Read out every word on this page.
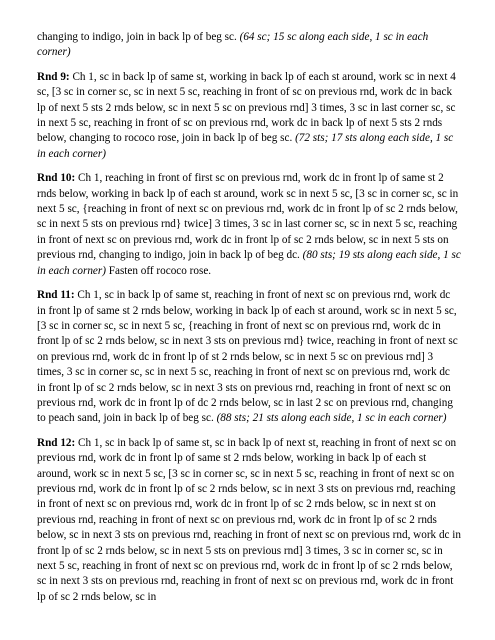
changing to indigo, join in back lp of beg sc. (64 sc; 15 sc along each side, 1 sc in each corner)

Rnd 9: Ch 1, sc in back lp of same st, working in back lp of each st around, work sc in next 4 sc, [3 sc in corner sc, sc in next 5 sc, reaching in front of sc on previous rnd, work dc in back lp of next 5 sts 2 rnds below, sc in next 5 sc on previous rnd] 3 times, 3 sc in last corner sc, sc in next 5 sc, reaching in front of sc on previous rnd, work dc in back lp of next 5 sts 2 rnds below, changing to rococo rose, join in back lp of beg sc. (72 sts; 17 sts along each side, 1 sc in each corner)

Rnd 10: Ch 1, reaching in front of first sc on previous rnd, work dc in front lp of same st 2 rnds below, working in back lp of each st around, work sc in next 5 sc, [3 sc in corner sc, sc in next 5 sc, {reaching in front of next sc on previous rnd, work dc in front lp of sc 2 rnds below, sc in next 5 sts on previous rnd} twice] 3 times, 3 sc in last corner sc, sc in next 5 sc, reaching in front of next sc on previous rnd, work dc in front lp of sc 2 rnds below, sc in next 5 sts on previous rnd, changing to indigo, join in back lp of beg dc. (80 sts; 19 sts along each side, 1 sc in each corner) Fasten off rococo rose.

Rnd 11: Ch 1, sc in back lp of same st, reaching in front of next sc on previous rnd, work dc in front lp of same st 2 rnds below, working in back lp of each st around, work sc in next 5 sc, [3 sc in corner sc, sc in next 5 sc, {reaching in front of next sc on previous rnd, work dc in front lp of sc 2 rnds below, sc in next 3 sts on previous rnd} twice, reaching in front of next sc on previous rnd, work dc in front lp of st 2 rnds below, sc in next 5 sc on previous rnd] 3 times, 3 sc in corner sc, sc in next 5 sc, reaching in front of next sc on previous rnd, work dc in front lp of sc 2 rnds below, sc in next 3 sts on previous rnd, reaching in front of next sc on previous rnd, work dc in front lp of dc 2 rnds below, sc in last 2 sc on previous rnd, changing to peach sand, join in back lp of beg sc. (88 sts; 21 sts along each side, 1 sc in each corner)

Rnd 12: Ch 1, sc in back lp of same st, sc in back lp of next st, reaching in front of next sc on previous rnd, work dc in front lp of same st 2 rnds below, working in back lp of each st around, work sc in next 5 sc, [3 sc in corner sc, sc in next 5 sc, reaching in front of next sc on previous rnd, work dc in front lp of sc 2 rnds below, sc in next 3 sts on previous rnd, reaching in front of next sc on previous rnd, work dc in front lp of sc 2 rnds below, sc in next st on previous rnd, reaching in front of next sc on previous rnd, work dc in front lp of sc 2 rnds below, sc in next 3 sts on previous rnd, reaching in front of next sc on previous rnd, work dc in front lp of sc 2 rnds below, sc in next 5 sts on previous rnd] 3 times, 3 sc in corner sc, sc in next 5 sc, reaching in front of next sc on previous rnd, work dc in front lp of sc 2 rnds below, sc in next 3 sts on previous rnd, reaching in front of next sc on previous rnd, work dc in front lp of sc 2 rnds below, sc in
